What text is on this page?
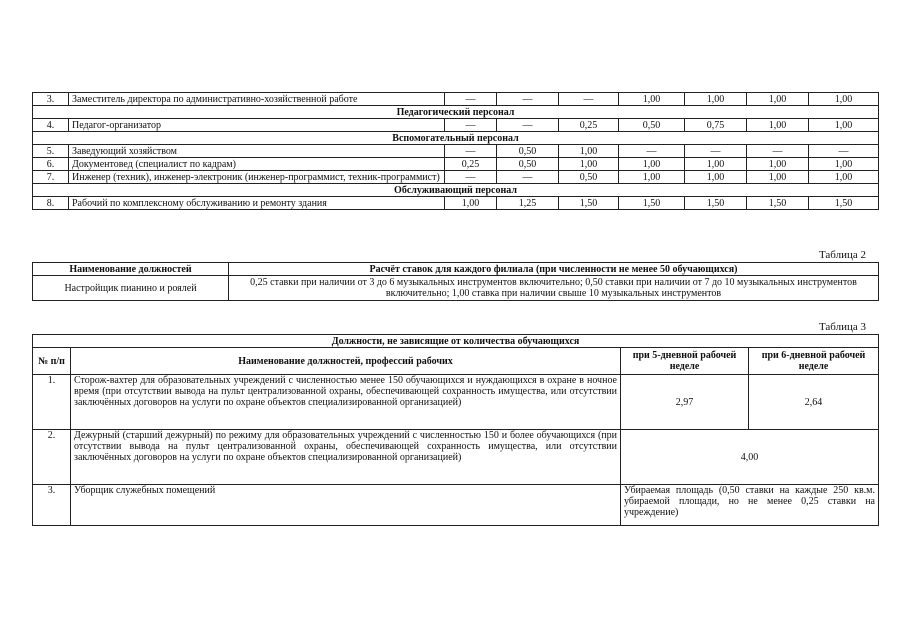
3.	Заместитель директора по административно-хозяйственной работе	—	—	—	1,00	1,00	1,00	1,00
Педагогический персонал								
4.	Педагог-организатор	—	—	0,25	0,50	0,75	1,00	1,00
Вспомогательный персонал								
5.	Заведующий хозяйством	—	0,50	1,00	—	—	—	—
6.	Документовед (специалист по кадрам)	0,25	0,50	1,00	1,00	1,00	1,00	1,00
7.	Инженер (техник), инженер-электроник (инженер-программист, техник-программист)	—	—	0,50	1,00	1,00	1,00	1,00
Обслуживающий персонал								
8.	Рабочий по комплексному обслуживанию и ремонту здания	1,00	1,25	1,50	1,50	1,50	1,50	1,50
Таблица 2
Наименование должностей	Расчёт ставок для каждого филиала (при численности не менее 50 обучающихся)
Настройщик пианино и роялей	0,25 ставки при наличии от 3 до 6 музыкальных инструментов включительно; 0,50 ставки при наличии от 7 до 10 музыкальных инструментов включительно; 1,00 ставка при наличии свыше 10 музыкальных инструментов
Таблица 3
Должности, не зависящие от количества обучающихся			
№ п/п	Наименование должностей, профессий рабочих	при 5-дневной рабочей неделе	при 6-дневной рабочей неделе
1.	Сторож-вахтер для образовательных учреждений с численностью менее 150 обучающихся и нуждающихся в охране в ночное время (при отсутствии вывода на пульт централизованной охраны, обеспечивающей сохранность имущества, или отсутствии заключённых договоров на услуги по охране объектов специализированной организацией)	2,97	2,64
2.	Дежурный (старший дежурный) по режиму для образовательных учреждений с численностью 150 и более обучающихся (при отсутствии вывода на пульт централизованной охраны, обеспечивающей сохранность имущества, или отсутствии заключённых договоров на услуги по охране объектов специализированной организацией)	4,00	
3.	Уборщик служебных помещений	Убираемая площадь (0,50 ставки на каждые 250 кв.м. убираемой площади, но не менее 0,25 ставки на учреждение)	
